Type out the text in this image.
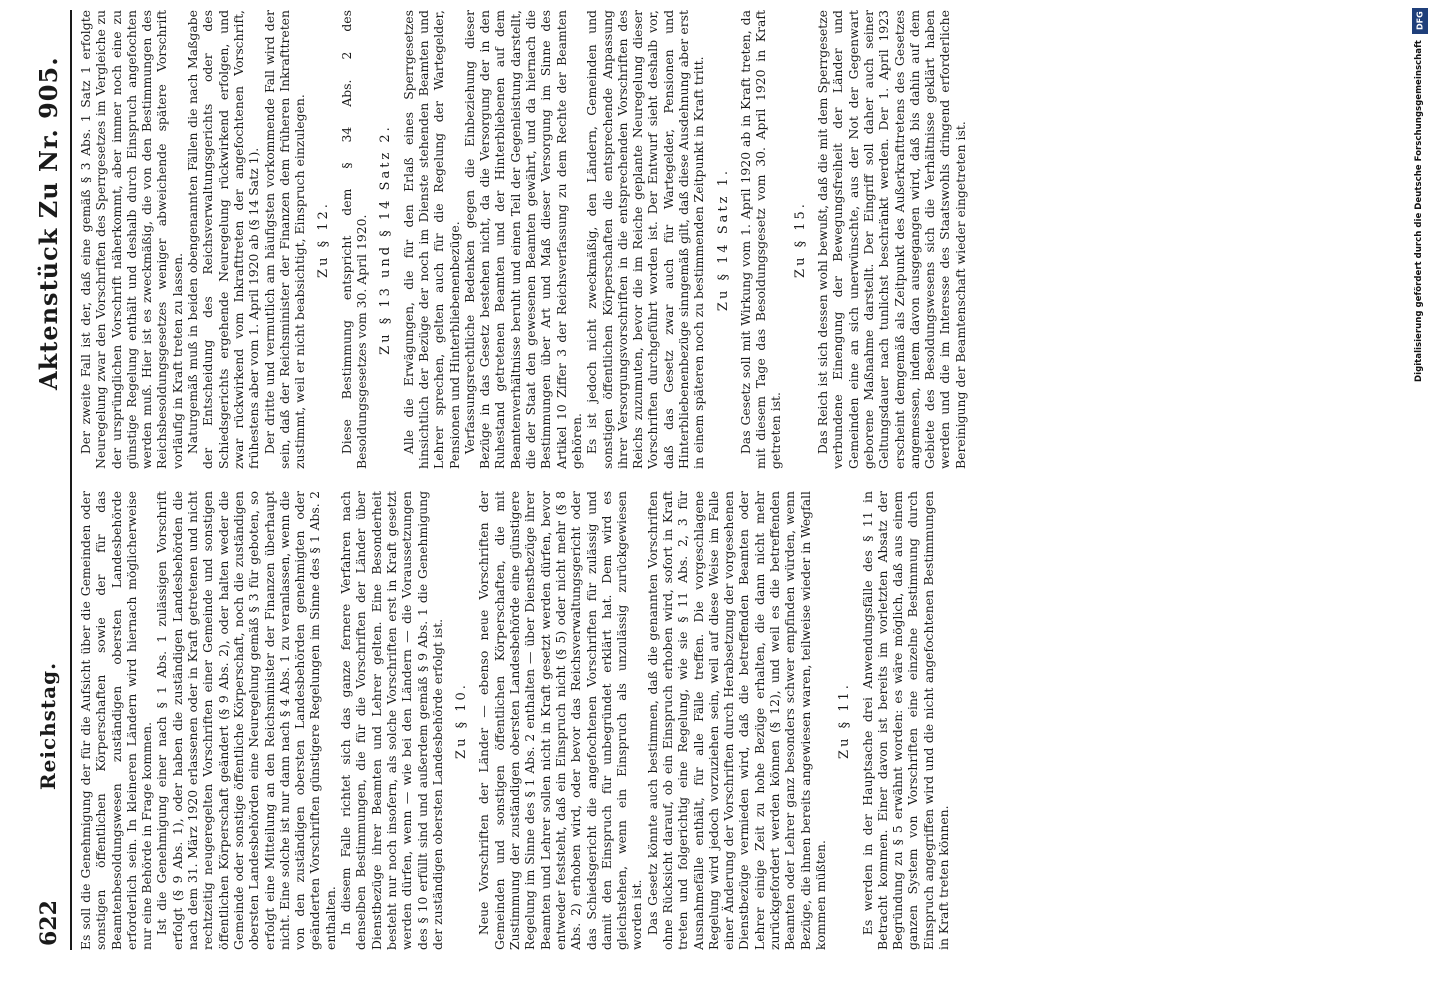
622
Reichstag.
Aktenstück Zu Nr. 905.

Es soll die Genehmigung der für die Aufsicht über die Gemeinden oder sonstigen öffentlichen Körperschaften sowie der für das Beamtenbesoldungswesen zuständigen obersten Landesbehörde erforderlich sein. In kleineren Ländern wird hiernach möglicherweise nur eine Behörde in Frage kommen. Ist die Genehmigung einer nach § 1 Abs. 1 zulässigen Vorschrift erfolgt (§ 9 Abs. 1), oder haben die zuständigen Landesbehörden die nach dem 31. März 1920 erlassenen oder in Kraft getretenen und nicht rechtzeitig neugeregelten Vorschriften einer Gemeinde und sonstigen öffentlichen Körperschaft geändert (§ 9 Abs. 2), oder halten weder die Gemeinde oder sonstige öffentliche Körperschaft, noch die zuständigen obersten Landesbehörden eine Neuregelung gemäß § 3 für geboten, so erfolgt eine Mitteilung an den Reichsminister der Finanzen überhaupt nicht. Eine solche ist nur dann nach § 4 Abs. 1 zu veranlassen, wenn die von den zuständigen obersten Landesbehörden genehmigten oder geänderten Vorschriften günstigere Regelungen im Sinne des § 1 Abs. 2 enthalten. In diesem Falle richtet sich das ganze fernere Verfahren nach denselben Bestimmungen, die für die Vorschriften der Länder über Dienstbezüge ihrer Beamten und Lehrer gelten. Eine Besonderheit besteht nur noch insofern, als solche Vorschriften erst in Kraft gesetzt werden dürfen, wenn — wie bei den Ländern — die Voraussetzungen des § 10 erfüllt sind und außerdem gemäß § 9 Abs. 1 die Genehmigung der zuständigen obersten Landesbehörde erfolgt ist. Zu § 10. Neue Vorschriften der Länder — ebenso neue Vorschriften der Gemeinden und sonstigen öffentlichen Körperschaften, die mit Zustimmung der zuständigen obersten Landesbehörde eine günstigere Regelung im Sinne des § 1 Abs. 2 enthalten — über Dienstbezüge ihrer Beamten und Lehrer sollen nicht in Kraft gesetzt werden dürfen, bevor entweder feststeht, daß ein Einspruch nicht (§ 5) oder nicht mehr (§ 8 Abs. 2) erhoben wird, oder bevor das Reichsverwaltungsgericht oder das Schiedsgericht die angefochtenen Vorschriften für zulässig und damit den Einspruch für unbegründet erklärt hat. Dem wird es gleichstehen, wenn ein Einspruch als unzulässig zurückgewiesen worden ist. Das Gesetz könnte auch bestimmen, daß die genannten Vorschriften ohne Rücksicht darauf, ob ein Einspruch erhoben wird, sofort in Kraft treten und folgerichtig eine Regelung, wie sie § 11 Abs. 2, 3 für Ausnahmefälle enthält, für alle Fälle treffen. Die vorgeschlagene Regelung wird jedoch vorzuziehen sein, weil auf diese Weise im Falle einer Änderung der Vorschriften durch Herabsetzung der vorgesehenen Dienstbezüge vermieden wird, daß die betreffenden Beamten oder Lehrer einige Zeit zu hohe Bezüge erhalten, die dann nicht mehr zurückgefordert werden können (§ 12), und weil es die betreffenden Beamten oder Lehrer ganz besonders schwer empfinden würden, wenn Bezüge, die ihnen bereits angewiesen waren, teilweise wieder in Wegfall kommen müßten.

Zu § 11. Es werden in der Hauptsache drei Anwendungsfälle des § 11 in Betracht kommen. Einer davon ist bereits im vorletzten Absatz der Begründung zu § 5 erwähnt worden: es wäre möglich, daß aus einem ganzen System von Vorschriften eine einzelne Bestimmung durch Einspruch angegriffen wird und die nicht angefochtenen Bestimmungen in Kraft treten können.

Der zweite Fall ist der, daß eine gemäß § 3 Abs. 1 Satz 1 erfolgte Neuregelung zwar den Vorschriften des Sperrgesetzes im Vergleiche zu der ursprünglichen Vorschrift näherkommt, aber immer noch eine zu günstige Regelung enthält und deshalb durch Einspruch angefochten werden muß. Hier ist es zweckmäßig, die von den Bestimmungen des Reichsbesoldungsgesetzes weniger abweichende spätere Vorschrift vorläufig in Kraft treten zu lassen. Naturgemäß muß in beiden obengenannten Fällen die nach Maßgabe der Entscheidung des Reichsverwaltungsgerichts oder des Schiedsgerichts ergehende Neuregelung rückwirkend erfolgen, und zwar rückwirkend vom Inkrafttreten der angefochtenen Vorschrift, frühestens aber vom 1. April 1920 ab (§ 14 Satz 1). Der dritte und vermutlich am häufigsten vorkommende Fall wird der sein, daß der Reichsminister der Finanzen dem früheren Inkrafttreten zustimmt, weil er nicht beabsichtigt, Einspruch einzulegen. Zu § 12. Diese Bestimmung entspricht dem § 34 Abs. 2 des Besoldungsgesetzes vom 30. April 1920. Zu § 13 und § 14 Satz 2. Alle die Erwägungen, die für den Erlaß eines Sperrgesetzes hinsichtlich der Bezüge der noch im Dienste stehenden Beamten und Lehrer sprechen, gelten auch für die Regelung der Wartegelder, Pensionen und Hinterbliebenenbezüge. Verfassungsrechtliche Bedenken gegen die Einbeziehung dieser Bezüge in das Gesetz bestehen nicht, da die Versorgung der in den Ruhestand getretenen Beamten und der Hinterbliebenen auf dem Beamtenverhältnisse beruht und einen Teil der Gegenleistung darstellt, die der Staat den gewesenen Beamten gewährt, und da hiernach die Bestimmungen über Art und Maß dieser Versorgung im Sinne des Artikel 10 Ziffer 3 der Reichsverfassung zu dem Rechte der Beamten gehören. Es ist jedoch nicht zweckmäßig, den Ländern, Gemeinden und sonstigen öffentlichen Körperschaften die entsprechende Anpassung ihrer Versorgungsvorschriften in die entsprechenden Vorschriften des Reichs zuzumuten, bevor die im Reiche geplante Neuregelung dieser Vorschriften durchgeführt worden ist. Der Entwurf sieht deshalb vor, daß das Gesetz zwar auch für Wartegelder, Pensionen und Hinterbliebenenbezüge sinngemäß gilt, daß diese Ausdehnung aber erst in einem späteren noch zu bestimmenden Zeitpunkt in Kraft tritt. Zu § 14 Satz 1. Das Gesetz soll mit Wirkung vom 1. April 1920 ab in Kraft treten, da mit diesem Tage das Besoldungsgesetz vom 30. April 1920 in Kraft getreten ist.

Zu § 15. Das Reich ist sich dessen wohl bewußt, daß die mit dem Sperrgesetze verbundene Einengung der Bewegungsfreiheit der Länder und Gemeinden eine an sich unerwünschte, aus der Not der Gegenwart geborene Maßnahme darstellt. Der Eingriff soll daher auch seiner Geltungsdauer nach tunlichst beschränkt werden. Der 1. April 1923 erscheint demgemäß als Zeitpunkt des Außerkrafttretens des Gesetzes angemessen, indem davon ausgegangen wird, daß bis dahin auf dem Gebiete des Besoldungswesens sich die Verhältnisse geklärt haben werden und die im Interesse des Staatswohls dringend erforderliche Bereinigung der Beamtenschaft wieder eingetreten ist.

DFG
Digitalisierung gefördert durch die Deutsche Forschungsgemeinschaft
